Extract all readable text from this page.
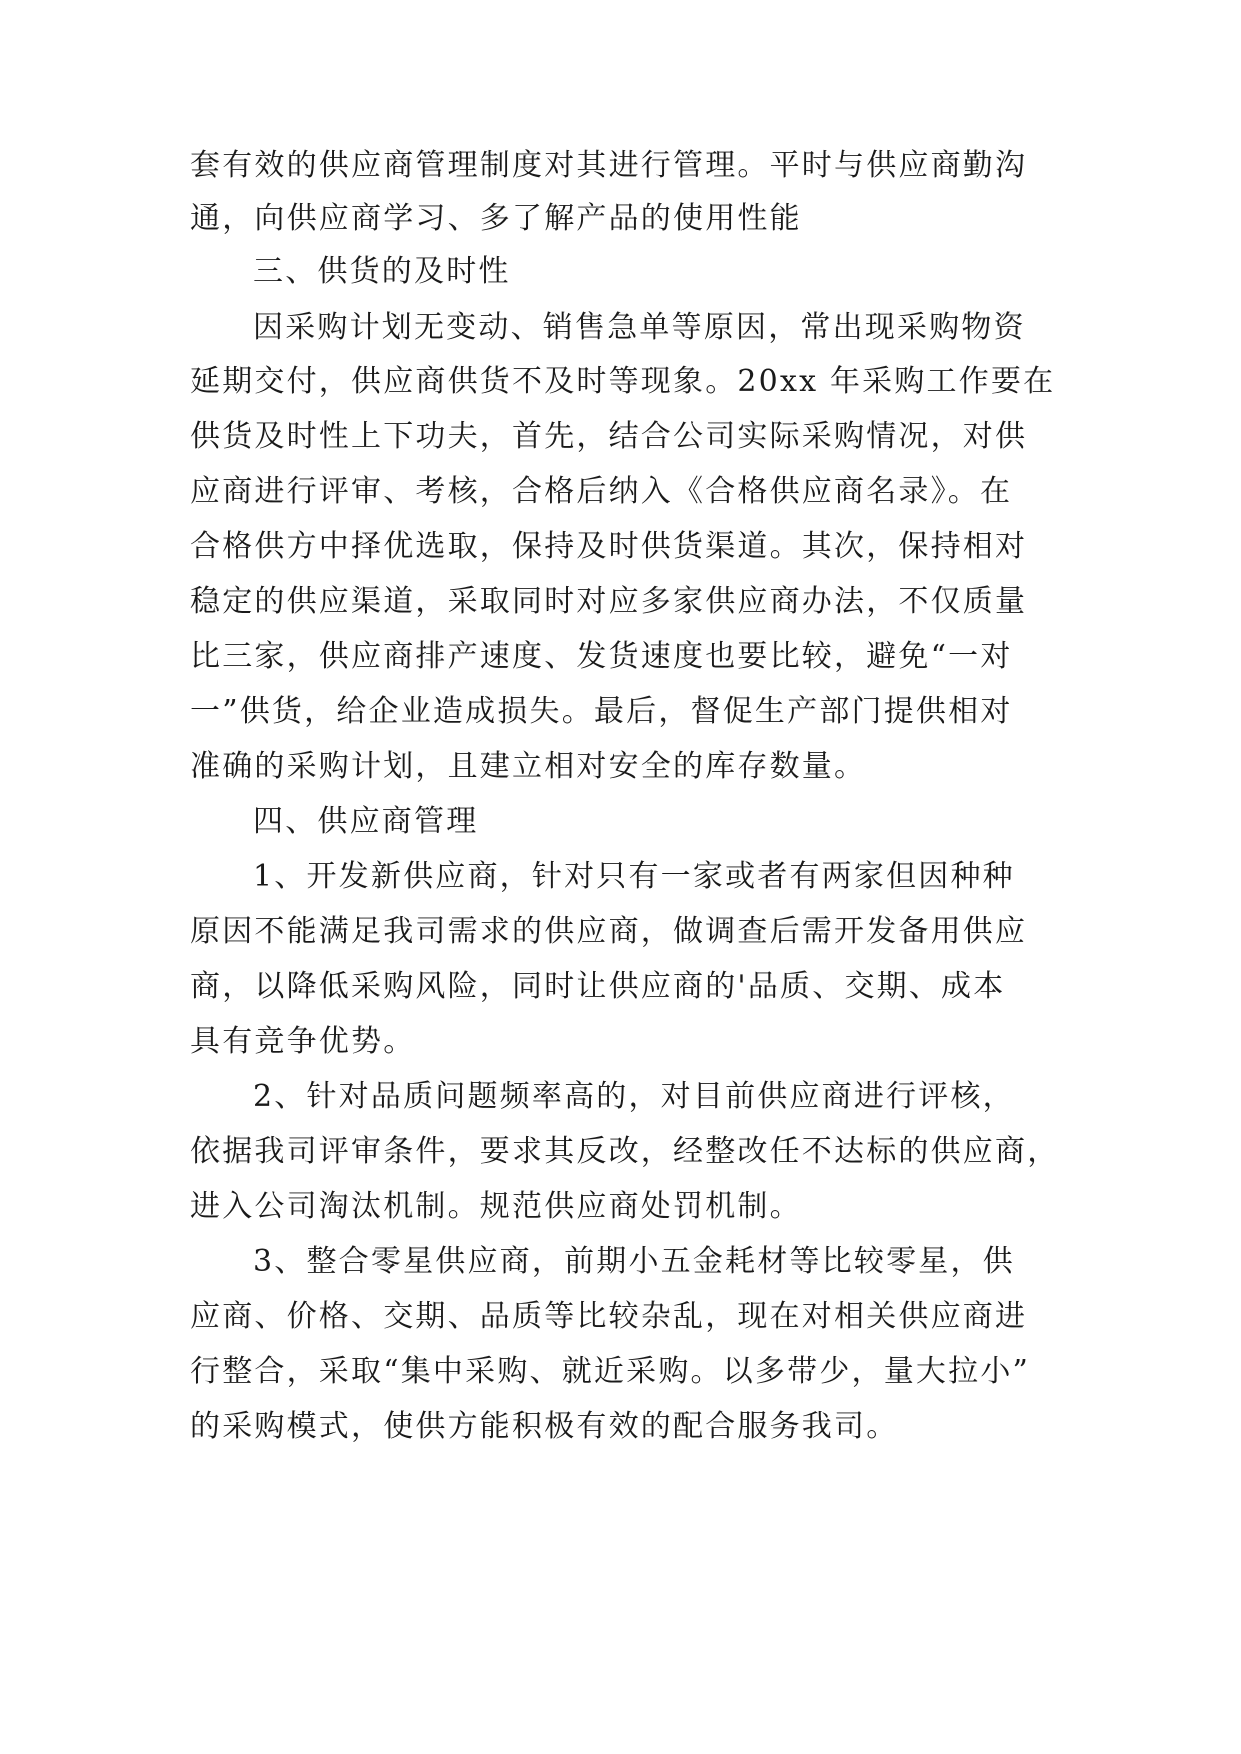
套有效的供应商管理制度对其进行管理。平时与供应商勤沟
通，向供应商学习、多了解产品的使用性能
三、供货的及时性
因采购计划无变动、销售急单等原因，常出现采购物资
延期交付，供应商供货不及时等现象。20xx 年采购工作要在
供货及时性上下功夫，首先，结合公司实际采购情况，对供
应商进行评审、考核，合格后纳入《合格供应商名录》。在
合格供方中择优选取，保持及时供货渠道。其次，保持相对
稳定的供应渠道，采取同时对应多家供应商办法，不仅质量
比三家，供应商排产速度、发货速度也要比较，避免“一对
一”供货，给企业造成损失。最后，督促生产部门提供相对
准确的采购计划，且建立相对安全的库存数量。
四、供应商管理
1、开发新供应商，针对只有一家或者有两家但因种种
原因不能满足我司需求的供应商，做调查后需开发备用供应
商，以降低采购风险，同时让供应商的'品质、交期、成本
具有竞争优势。
2、针对品质问题频率高的，对目前供应商进行评核，
依据我司评审条件，要求其反改，经整改任不达标的供应商，
进入公司淘汰机制。规范供应商处罚机制。
3、整合零星供应商，前期小五金耗材等比较零星，供
应商、价格、交期、品质等比较杂乱，现在对相关供应商进
行整合，采取“集中采购、就近采购。以多带少，量大拉小”
的采购模式，使供方能积极有效的配合服务我司。
